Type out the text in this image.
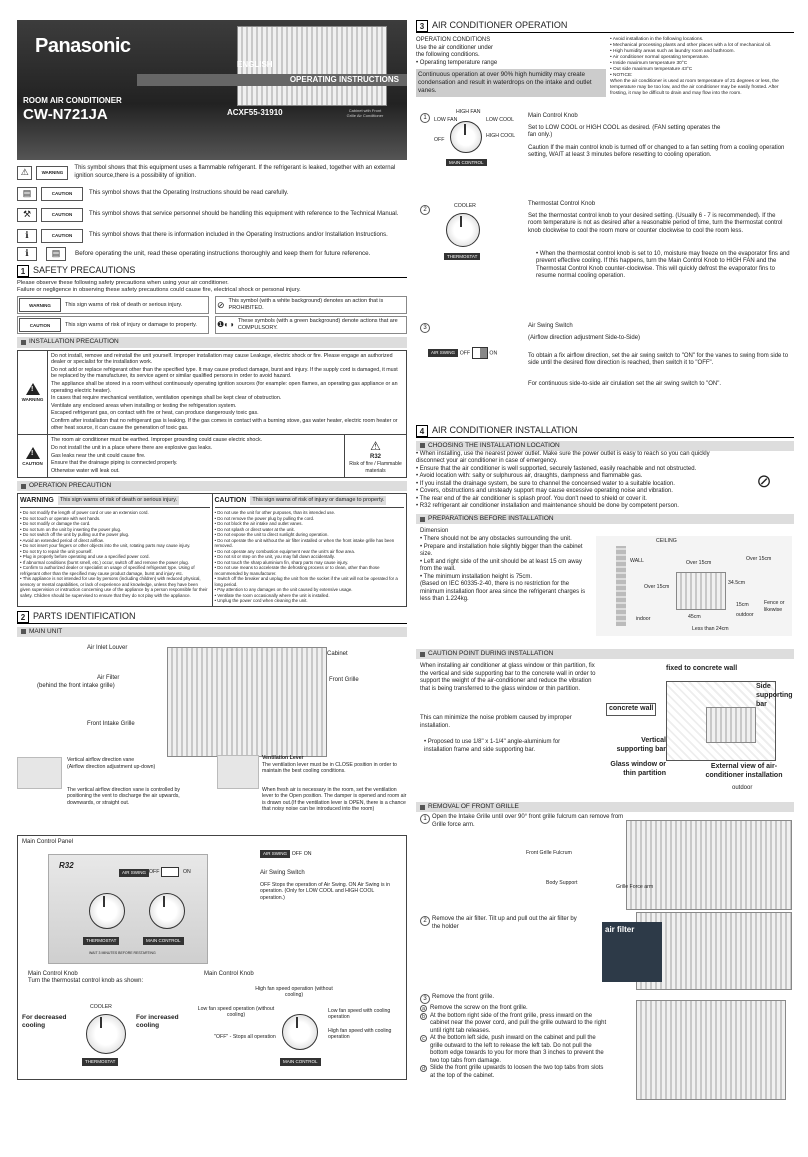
Panasonic
Cabinet with Front Grille Air Conditioner
ENGLISH
OPERATING INSTRUCTIONS
ROOM AIR CONDITIONER
CW-N721JA	ACXF55-31910
⚠	WARNING
This symbol shows that this equipment uses a flammable refrigerant. If the refrigerant is leaked, together with an external ignition source,there is a possibility of ignition.
▤	CAUTION	This symbol shows that the Operating Instructions should be read carefully.
⚒	CAUTION	This symbol shows that service personnel should be handling this equipment with reference to the Technical Manual.
ℹ	CAUTION	This symbol shows that there is information included in the Operating Instructions and/or Installation Instructions.
ℹ	▤	Before operating the unit, read these operating instructions thoroughly and keep them for future reference.
1 SAFETY PRECAUTIONS

Please observe these following safety precautions when using your air conditioner.

Failure or negligence in observing these safety precautions could cause fire, electrical shock or personal injury.

WARNING	This sign warns of risk of death or serious injury.
CAUTION	This sign warns of risk of injury or damage to property.
⊘ This symbol (with a white background) denotes an action that is PROHIBITED.
❶◐◑ These symbols (with a green background) denote actions that are COMPULSORY.
INSTALLATION PRECAUTION
!
WARNING
Do not install, remove and reinstall the unit yourself. Improper installation may cause Leakage, electric shock or fire. Please engage an authorized dealer or specialist for the installation work.
Do not add or replace refrigerant other than the specified type. It may cause product damage, burst and injury. If the supply cord is damaged, it must be replaced by the manufacturer, its service agent or similar qualified persons in order to avoid hazard.
The appliance shall be stored in a room without continuously operating ignition sources (for example: open flames, an operating gas appliance or an operating electric heater).
In cases that require mechanical ventilation, ventilation openings shall be kept clear of obstruction.
Ventilate any enclosed areas when installing or testing the refrigeration system.
Escaped refrigerant gas, on contact with fire or heat, can produce dangerously toxic gas.
Confirm after installation that no refrigerant gas is leaking. If the gas comes in contact with a burning stove, gas water heater, electric room heater or other heat source, it can cause the generation of toxic gas.
!
CAUTION
The room air conditioner must be earthed. Improper grounding could cause electric shock.
Do not install the unit in a place where there are explosive gas leaks.
Gas leaks near the unit could cause fire.
Ensure that the drainage piping is connected properly.
Otherwise water will leak out.
⚠
R32
Risk of fire / Flammable materials
OPERATION PRECAUTION
WARNING	This sign warns of risk of death or serious injury.
• Do not modify the length of power cord or use an extension cord.
• Do not touch or operate with wet hands.
• Do not modify or damage the cord.
• Do not turn on the unit by inserting the power plug.
• Do not switch off the unit by pulling out the power plug.
• Avoid an extended period of direct airflow.
• Do not insert your fingers or other objects into the unit, rotating parts may cause injury.
• Do not try to repair the unit yourself.
• Plug in properly before operating and use a specified power cord.
• If abnormal conditions (burnt smell, etc.) occur, switch off and remove the power plug.
• Confirm to authorized dealer or specialist on usage of specified refrigerant type. Using of refrigerant other than the specified may cause product damage, burst and injury etc.
• This appliance is not intended for use by persons (including children) with reduced physical, sensory or mental capabilities, or lack of experience and knowledge, unless they have been given supervision or instruction concerning use of the appliance by a person responsible for their safety. Children should be supervised to ensure that they do not play with the appliance.
CAUTION	This sign warns of risk of injury or damage to property.
• Do not use the unit for other purposes, than its intended use.
• Do not remove the power plug by pulling the cord.
• Do not block the air intake and outlet vanes.
• Do not splash or direct water at the unit.
• Do not expose the unit to direct sunlight during operation.
• Do not operate the unit without the air filter installed or when the front intake grille has been removed.
• Do not operate any combustion equipment near the unit's air flow area.
• Do not sit or step on the unit, you may fall down accidentally.
• Do not touch the sharp aluminium fin, sharp parts may cause injury.
• Do not use means to accelerate the defrosting process or to clean, other than those recommended by manufacturer.
• Switch off the breaker and unplug the unit from the socket if the unit will not be operated for a long period.
• Pay attention to any damages on the unit caused by extensive usage.
• Ventilate the room occasionally where the unit is installed.
• Unplug the power cord when cleaning the unit.
2 PARTS IDENTIFICATION
MAIN UNIT
Air Inlet Louver
Cabinet
Air Filter
(behind the front intake grille)
Front Grille
Front Intake Grille
Vertical airflow direction vane
(Airflow direction adjustment up-down)
Ventilation Lever
The ventilation lever must be in CLOSE position in order to maintain the best cooling conditions.
The vertical airflow direction vane is controlled by positioning the vent to discharge the air upwards, downwards, or straight out.
When fresh air is necessary in the room, set the ventilation lever to the Open position. The damper is opened and room air is drawn out.(If the ventilation lever is OPEN, there is a chance that noisy noise can be introduced into the room)
Main Control Panel
R32
AIR SWING OFF	ON
THERMOSTAT	MAIN CONTROL
WAIT 3 MINUTES BEFORE RESTARTING
AIR SWING OFF ON
Air Swing Switch
OFF Stops the operation of Air Swing. ON Air Swing is in operation. (Only for LOW COOL and HIGH COOL operation.)
Main Control Knob
Turn the thermostat control knob as shown:
Main Control Knob
COOLER
THERMOSTAT
For decreased cooling
For increased cooling
MAIN CONTROL
High fan speed operation (without cooling)
Low fan speed operation (without cooling)
"OFF" - Stops all operation
Low fan speed with cooling operation
High fan speed with cooling operation
3 AIR CONDITIONER OPERATION
OPERATION CONDITIONS
Use the air conditioner under the following conditions.
• Operating temperature range
Continuous operation at over 90% high humidity may create condensation and result in waterdrops on the intake and outlet vanes.
• Avoid installation in the following locations.
• Mechanical processing plants and other places with a lot of mechanical oil.
• High humidity areas such as laundry room and bathroom.
• Air conditioner normal operating temperature.
• Inside maximum temperature 30°C
• Out side maximum temperature 43°C
• NOTICE:
When the air conditioner is used at room temperature of 21 degrees or less, the temperature may be too low, and the air conditioner may be easily frosted. After frosting, it may be difficult to drain and may flow into the room.
1	LOW FAN
HIGH FAN
LOW COOL
HIGH COOL
OFF
MAIN CONTROL
Main Control Knob
Set to LOW COOL or HIGH COOL as desired. (FAN setting operates the fan only.)
Caution If the main control knob is turned off or changed to a fan setting from a cooling operation setting, WAIT at least 3 minutes before resetting to cooling operation.
2
COOLER
THERMOSTAT
Thermostat Control Knob
Set the thermostat control knob to your desired setting. (Usually 6 - 7 is recommended). If the room temperature is not as desired after a reasonable period of time, turn the thermostat control knob clockwise to cool the room more or counter clockwise to cool the room less.
• When the thermostat control knob is set to 10, moisture may freeze on the evaporator fins and prevent effective cooling. If this happens, turn the Main Control Knob to HIGH FAN and the Thermostat Control Knob counter-clockwise. This will quickly defrost the evaporator fins to resume normal cooling operation.
3
AIR SWING OFF	ON
Air Swing Switch
(Airflow direction adjustment Side-to-Side)
To obtain a fix airflow direction, set the air swing switch to "ON" for the vanes to swing from side to side until the desired flow direction is reached, then switch it to "OFF".
For continuous side-to-side air cirulation set the air swing switch to "ON".
4 AIR CONDITIONER INSTALLATION
CHOOSING THE INSTALLATION LOCATION
• When installing, use the nearest power outlet. Make sure the power outlet is easy to reach so you can quickly disconnect your air conditioner in case of emergency.
• Ensure that the air conditioner is well supported, securely fastened, easily reachable and not obstructed.
• Avoid location with: salty or sulphurous air, draughts, dampness and flammable gas.
• If you install the drainage system, be sure to channel the concensed water to a suitable location.
• Covers, obstructions and unsteady support may cause excessive operating noise and vibration.
• The rear end of the air conditioner is splash proof. You don't need to shield or cover it.
• R32 refrigerant air conditioner installation and maintenance should be done by competent person.
⊘
PREPARATIONS BEFORE INSTALLATION
Dimension
• There should not be any obstacles surrounding the unit.
• Prepare and installation hole slightly bigger than the cabinet size.
• Left and right side of the unit should be at least 15 cm away from the wall.
• The minimum installation height is 75cm.
(Based on IEC 60335-2-40, there is no restriction for the minimum installation floor area since the refrigerant charges is less than 1.224kg.
CEILING
WALL	Over 15cm
Over 15cm
Over 15cm
34.5cm
45cm
15cm
indoor
outdoor
Fence or likewise
Less than 24cm
CAUTION POINT DURING INSTALLATION
When installing air conditioner at glass window or thin partition, fix the vertical and side supporting bar to the concrete wall in order to support the weight of the air-conditioner and reduce the vibration that is being transferred to the glass window or thin partition.
This can minimize the noise problem caused by improper installation.
• Proposed to use 1/8" x 1-1/4" angle-aluminium for installation frame and side supporting bar.
fixed to concrete wall
Side supporting bar
concrete wall
Vertical supporting bar
Glass window or thin partition
External view of air-conditioner installation
outdoor
REMOVAL OF FRONT GRILLE
1 Open the Intake Grille until over 90° front grille fulcrum can remove from Grille force arm.
Front Grille Fulcrum
Body Support
Grille Force arm
2 Remove the air filter. Tilt up and pull out the air filter by the holder	air filter
3 Remove the front grille.
a Remove the screw on the front grille.
b At the bottom right side of the front grille, press inward on the cabinet near the power cord, and pull the grille outward to the right until right tab releases.
c At the bottom left side, push inward on the cabinet and pull the grille outward to the left to release the left tab. Do not pull the bottom edge towards to you for more than 3 inches to prevent the two top tabs from damage.
d Slide the front grille upwards to loosen the two top tabs from slots at the top of the cabinet.
